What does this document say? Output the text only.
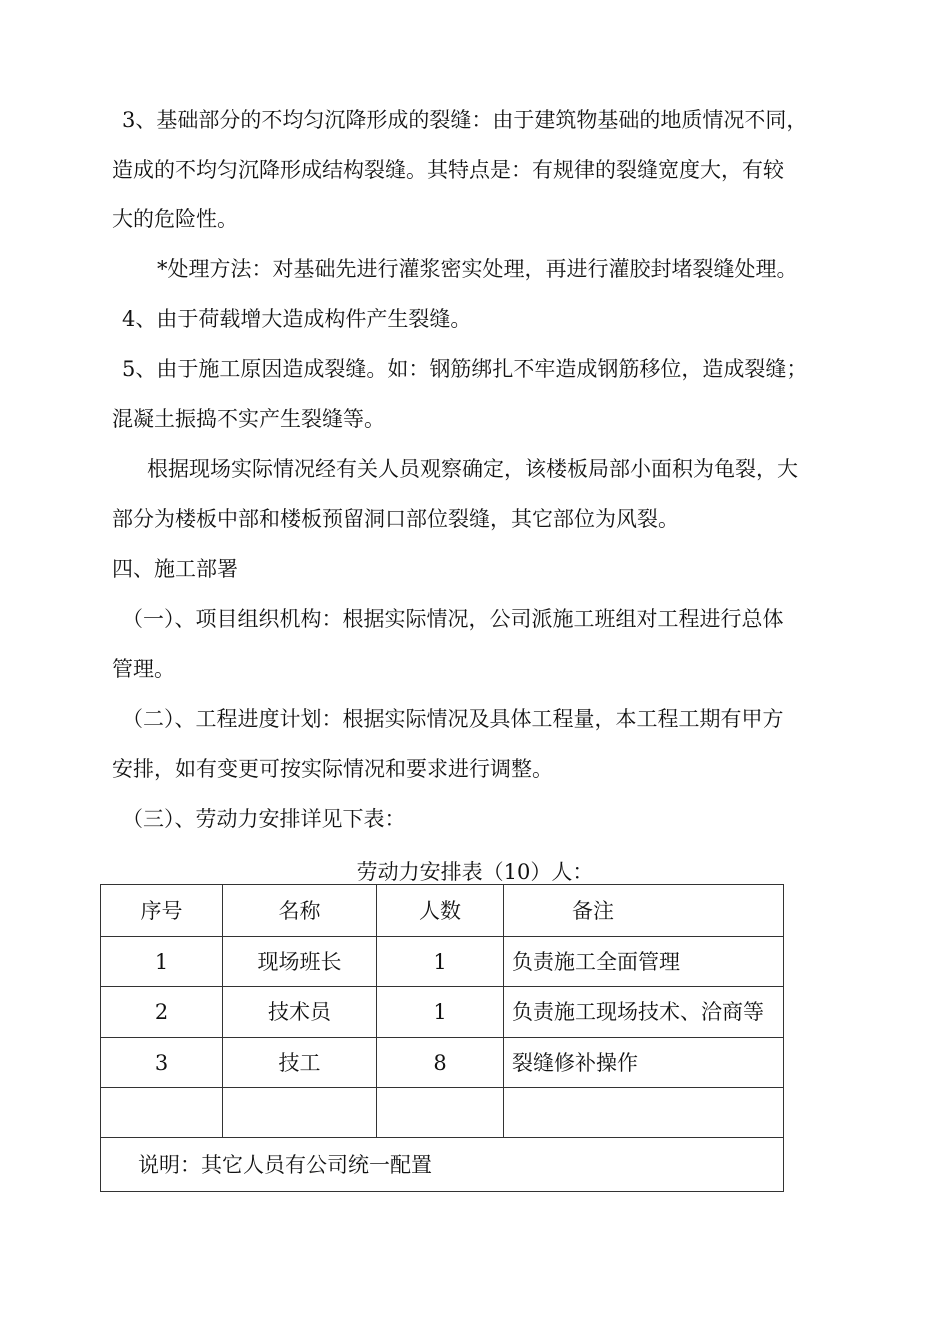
3、基础部分的不均匀沉降形成的裂缝：由于建筑物基础的地质情况不同，
造成的不均匀沉降形成结构裂缝。其特点是：有规律的裂缝宽度大，有较
大的危险性。
*处理方法：对基础先进行灌浆密实处理，再进行灌胶封堵裂缝处理。
4、由于荷载增大造成构件产生裂缝。
5、由于施工原因造成裂缝。如：钢筋绑扎不牢造成钢筋移位，造成裂缝；
混凝土振捣不实产生裂缝等。
根据现场实际情况经有关人员观察确定，该楼板局部小面积为龟裂，大
部分为楼板中部和楼板预留洞口部位裂缝，其它部位为风裂。
四、施工部署
（一）、项目组织机构：根据实际情况，公司派施工班组对工程进行总体
管理。
（二）、工程进度计划：根据实际情况及具体工程量，本工程工期有甲方
安排，如有变更可按实际情况和要求进行调整。
（三）、劳动力安排详见下表：
劳动力安排表（10）人：
序号	名称	人数	备注
1	现场班长	1	负责施工全面管理
2	技术员	1	负责施工现场技术、洽商等
3	技工	8	裂缝修补操作

说明：其它人员有公司统一配置			
